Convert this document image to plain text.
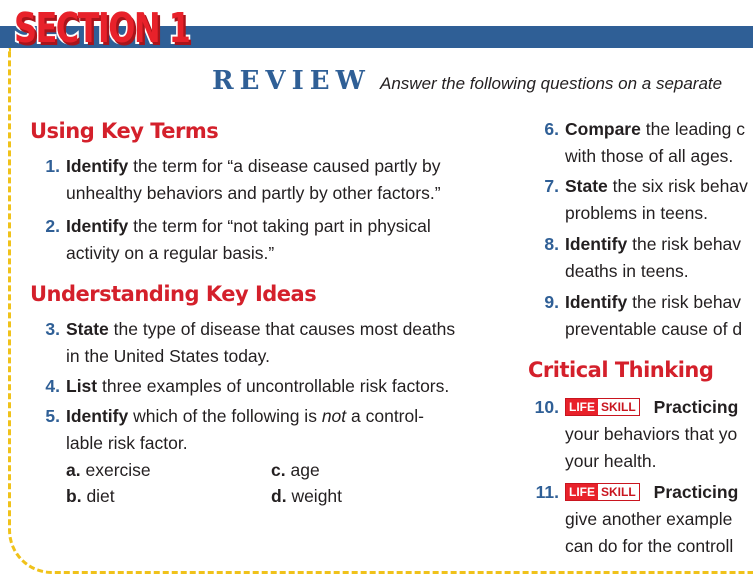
SECTION 1
REVIEW Answer the following questions on a separate
Using Key Terms
1. Identify the term for “a disease caused partly by
unhealthy behaviors and partly by other factors.”
2. Identify the term for “not taking part in physical
activity on a regular basis.”
Understanding Key Ideas
3. State the type of disease that causes most deaths
in the United States today.
4. List three examples of uncontrollable risk factors.
5. Identify which of the following is not a control-
lable risk factor.
a. exercise
b. diet
c. age
d. weight
6. Compare the leading c
with those of all ages.
7. State the six risk behav
problems in teens.
8. Identify the risk behav
deaths in teens.
9. Identify the risk behav
preventable cause of d
Critical Thinking
10. LIFE SKILL Practicing
your behaviors that yo
your health.
11. LIFE SKILL Practicing
give another example
can do for the controll
